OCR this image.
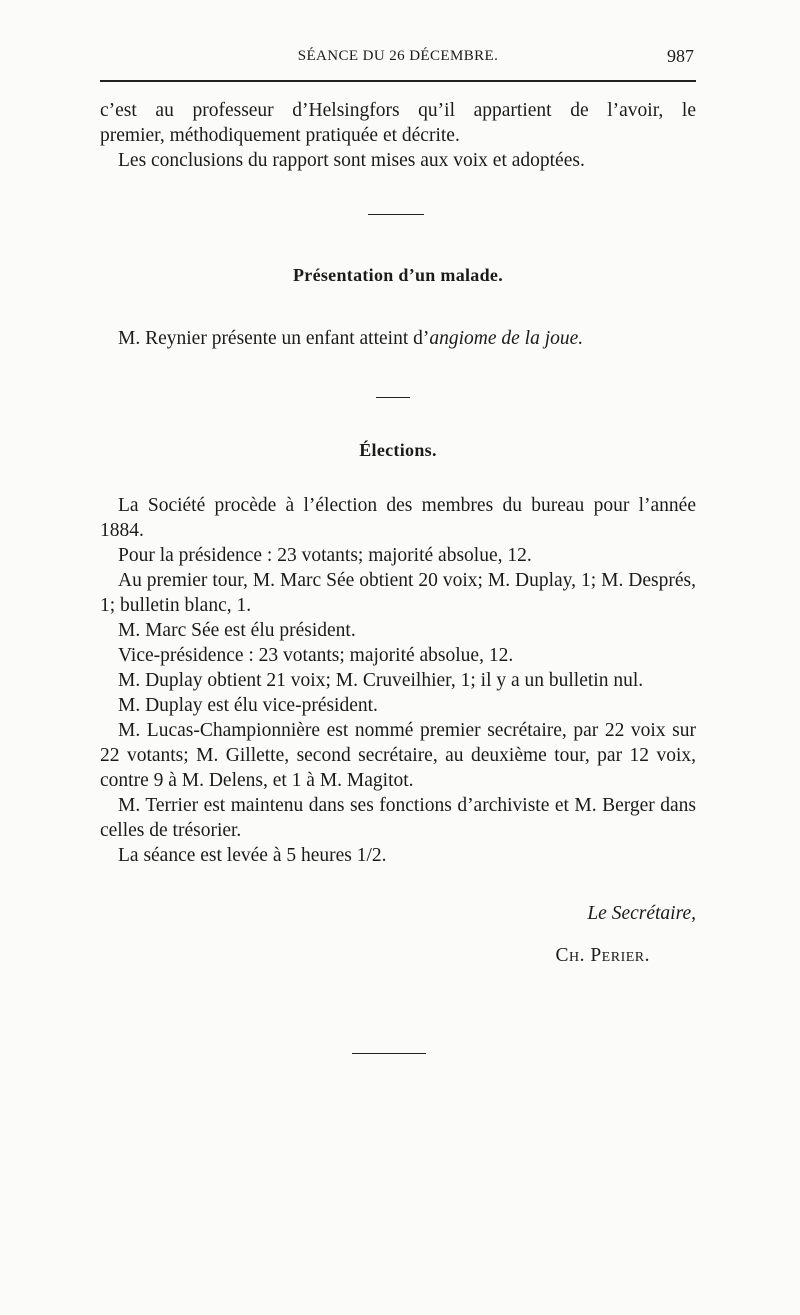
SÉANCE DU 26 DÉCEMBRE.	987

c’est au professeur d’Helsingfors qu’il appartient de l’avoir, le

premier, méthodiquement pratiquée et décrite.

Les conclusions du rapport sont mises aux voix et adoptées.

Présentation d’un malade.

M. Reynier présente un enfant atteint d’angiome de la joue.

Élections.

La Société procède à l’élection des membres du bureau pour l’année 1884.

Pour la présidence : 23 votants; majorité absolue, 12.

Au premier tour, M. Marc Sée obtient 20 voix; M. Duplay, 1; M. Després, 1; bulletin blanc, 1.

M. Marc Sée est élu président.

Vice-présidence : 23 votants; majorité absolue, 12.

M. Duplay obtient 21 voix; M. Cruveilhier, 1; il y a un bulletin nul.

M. Duplay est élu vice-président.

M. Lucas-Championnière est nommé premier secrétaire, par 22 voix sur 22 votants; M. Gillette, second secrétaire, au deuxième tour, par 12 voix, contre 9 à M. Delens, et 1 à M. Magitot.

M. Terrier est maintenu dans ses fonctions d’archiviste et M. Berger dans celles de trésorier.

La séance est levée à 5 heures 1/2.

Le Secrétaire,
Ch. Perier.
